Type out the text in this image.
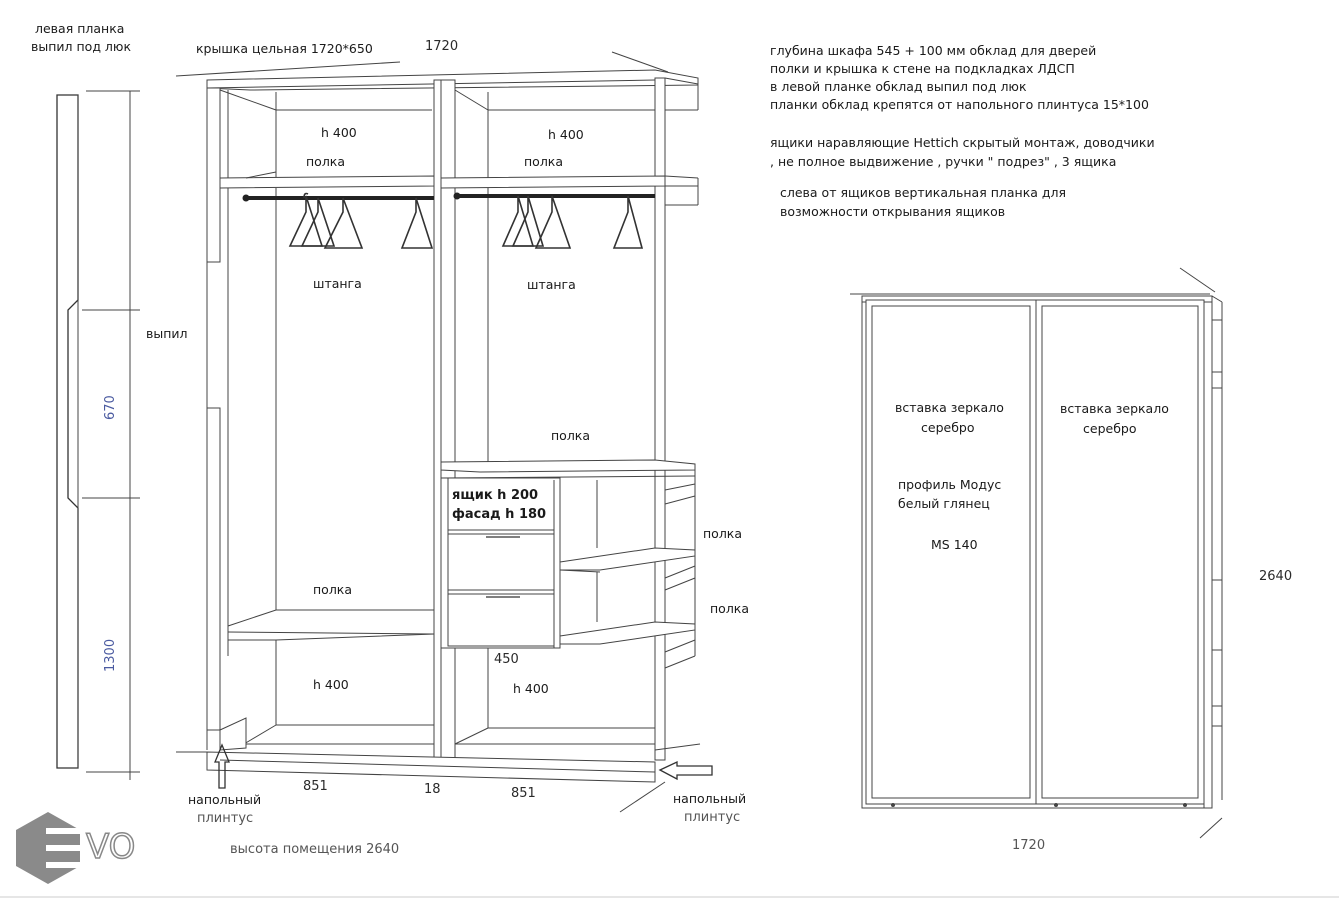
левая планка
выпил под люк
выпил
670
1300
крышка цельная 1720*650	1720
h 400	h 400
полка	полка
штанга	штанга
полка
ящик h 200
фасад h 180
полка
полка
полка
450
h 400	h 400
851	18	851
напольный
плинтус
напольный
плинтус
высота помещения 2640
глубина шкафа 545 + 100 мм обклад для дверей
полки и крышка к стене на подкладках ЛДСП
в левой планке обклад выпил под люк
планки обклад крепятся от напольного плинтуса 15*100
ящики наравляющие Hettich скрытый монтаж, доводчики
, не полное выдвижение , ручки " подрез" , 3 ящика
слева от ящиков вертикальная планка для
возможности открывания ящиков
вставка зеркало
серебро
вставка зеркало
серебро
профиль Модус
белый глянец
MS 140
2640
1720
VO
